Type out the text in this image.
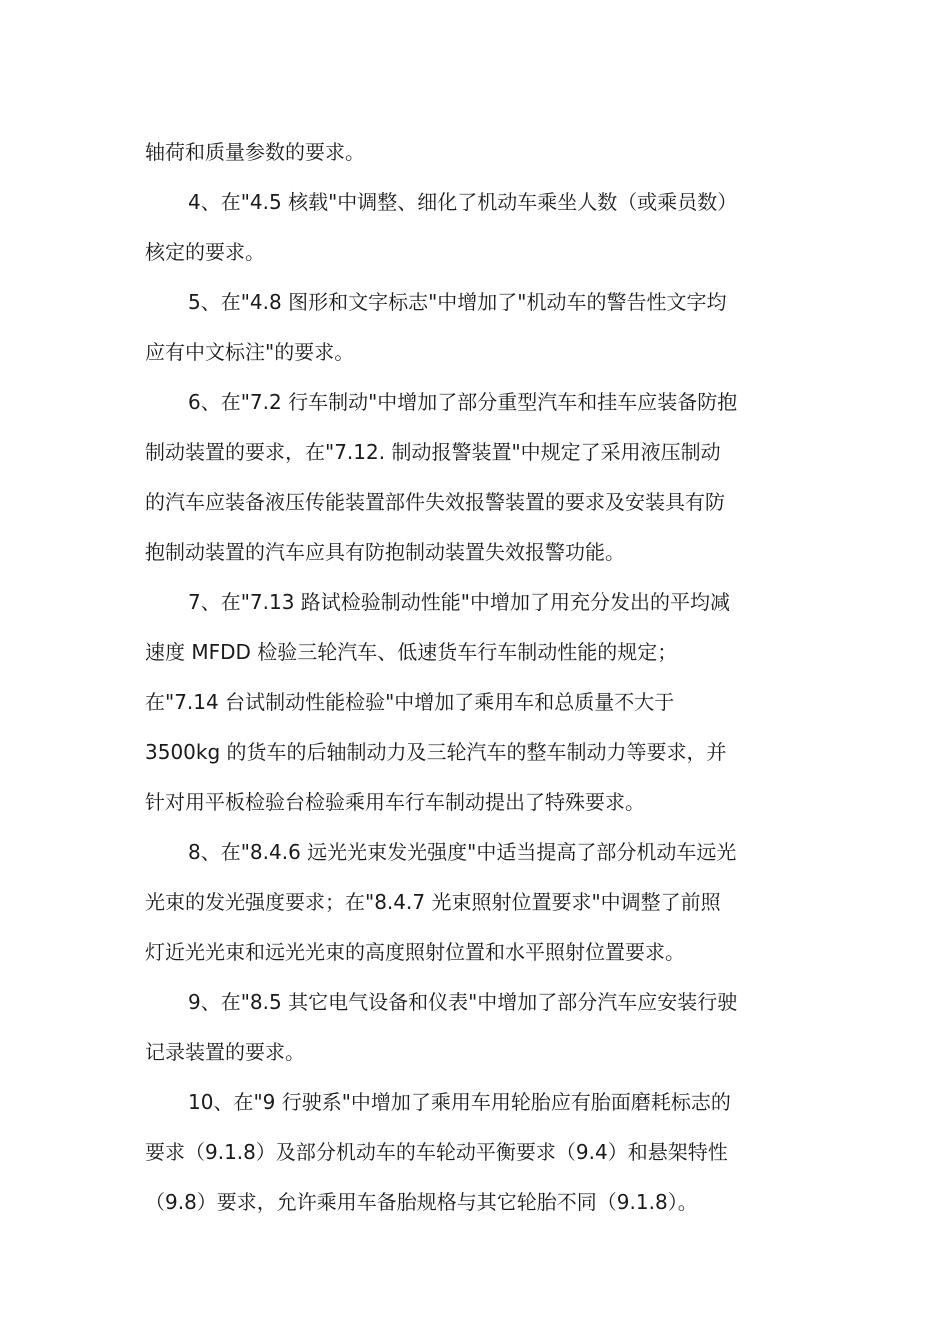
轴荷和质量参数的要求。

4、在"4.5 核载"中调整、细化了机动车乘坐人数（或乘员数）
核定的要求。

5、在"4.8 图形和文字标志"中增加了"机动车的警告性文字均
应有中文标注"的要求。

6、在"7.2 行车制动"中增加了部分重型汽车和挂车应装备防抱
制动装置的要求，在"7.12. 制动报警装置"中规定了采用液压制动
的汽车应装备液压传能装置部件失效报警装置的要求及安装具有防
抱制动装置的汽车应具有防抱制动装置失效报警功能。

7、在"7.13 路试检验制动性能"中增加了用充分发出的平均减
速度 MFDD 检验三轮汽车、低速货车行车制动性能的规定；
在"7.14 台试制动性能检验"中增加了乘用车和总质量不大于
3500kg 的货车的后轴制动力及三轮汽车的整车制动力等要求，并
针对用平板检验台检验乘用车行车制动提出了特殊要求。

8、在"8.4.6 远光光束发光强度"中适当提高了部分机动车远光
光束的发光强度要求；在"8.4.7 光束照射位置要求"中调整了前照
灯近光光束和远光光束的高度照射位置和水平照射位置要求。

9、在"8.5 其它电气设备和仪表"中增加了部分汽车应安装行驶
记录装置的要求。

10、在"9 行驶系"中增加了乘用车用轮胎应有胎面磨耗标志的
要求（9.1.8）及部分机动车的车轮动平衡要求（9.4）和悬架特性
（9.8）要求，允许乘用车备胎规格与其它轮胎不同（9.1.8）。
